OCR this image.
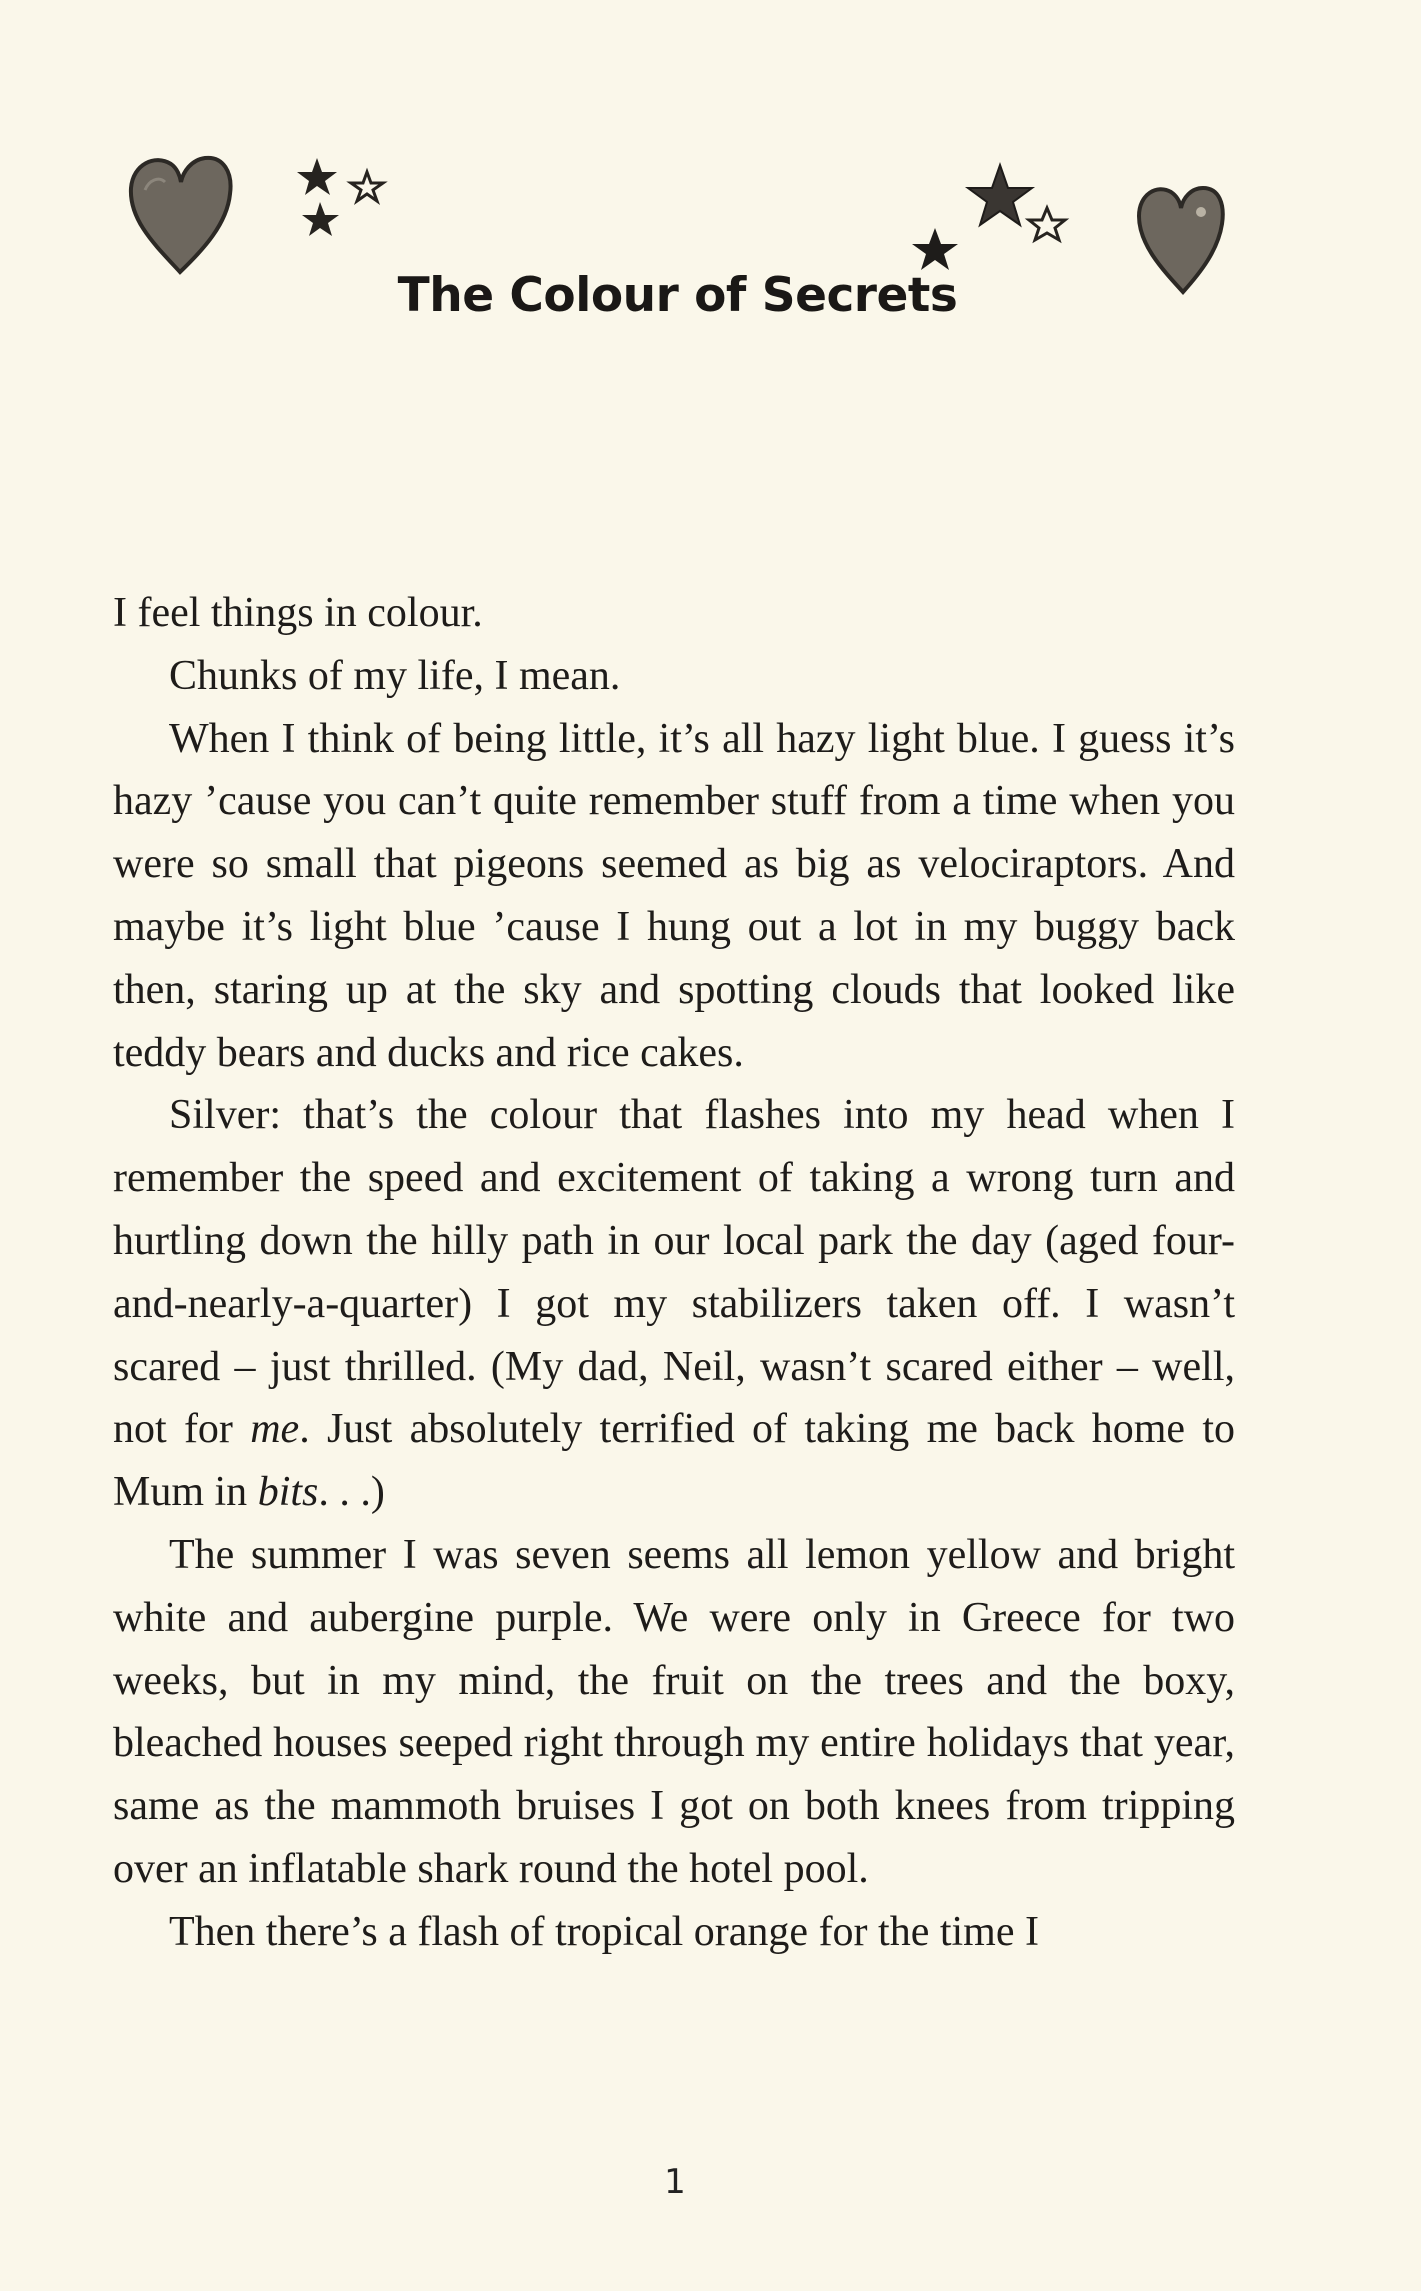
The Colour of Secrets

I feel things in colour.

Chunks of my life, I mean.

When I think of being little, it’s all hazy light blue. I guess it’s hazy ’cause you can’t quite remember stuff from a time when you were so small that pigeons seemed as big as velociraptors. And maybe it’s light blue ’cause I hung out a lot in my buggy back then, staring up at the sky and spotting clouds that looked like teddy bears and ducks and rice cakes.

Silver: that’s the colour that flashes into my head when I remember the speed and excitement of taking a wrong turn and hurtling down the hilly path in our local park the day (aged four-and-nearly-a-quarter) I got my stabilizers taken off. I wasn’t scared – just thrilled. (My dad, Neil, wasn’t scared either – well, not for me. Just absolutely terrified of taking me back home to Mum in bits. . .)

The summer I was seven seems all lemon yellow and bright white and aubergine purple. We were only in Greece for two weeks, but in my mind, the fruit on the trees and the boxy, bleached houses seeped right through my entire holidays that year, same as the mammoth bruises I got on both knees from tripping over an inflatable shark round the hotel pool.

Then there’s a flash of tropical orange for the time I

1
